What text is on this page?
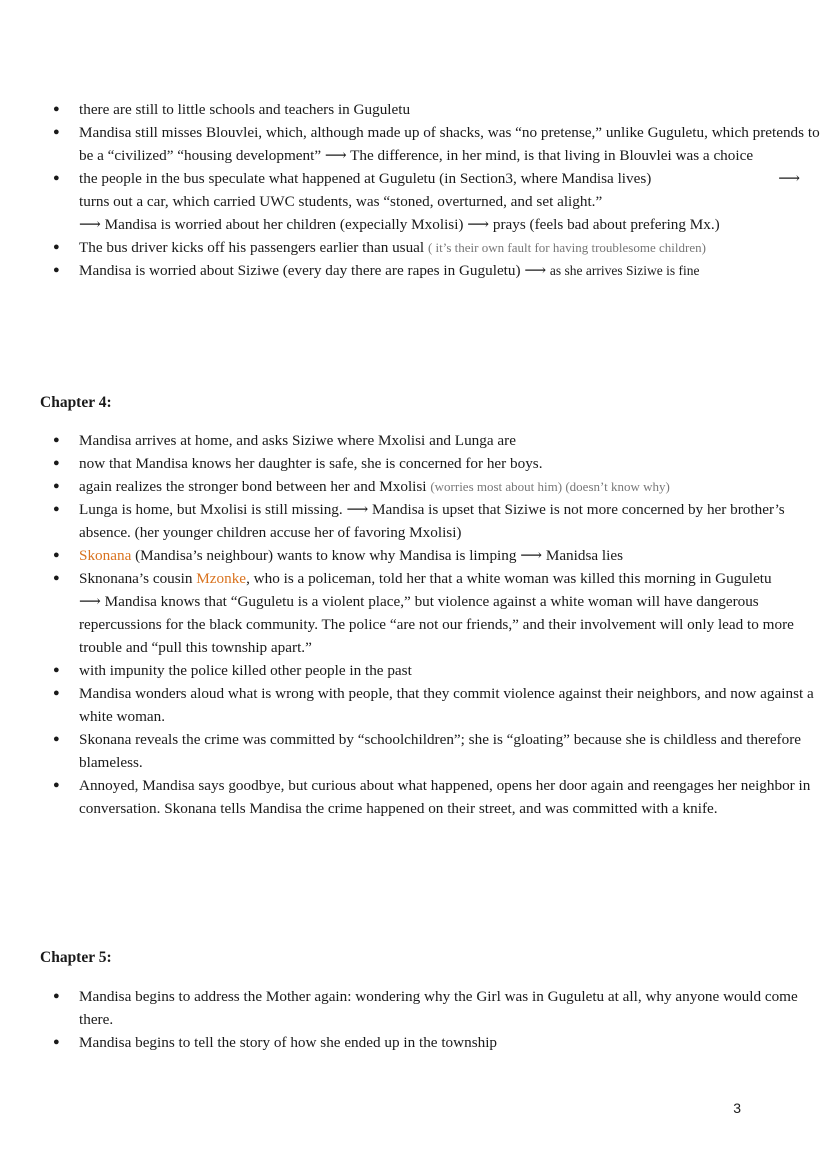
● there are still to little schools and teachers in Guguletu
● Mandisa still misses Blouvlei, which, although made up of shacks, was “no pretense,” unlike Guguletu, which pretends to be a “civilized” “housing development” ⟶ The difference, in her mind, is that living in Blouvlei was a choice
● ⟶
the people in the bus speculate what happened at Guguletu (in Section3, where Mandisa lives)
turns out a car, which carried UWC students, was “stoned, overturned, and set alight.”
⟶ Mandisa is worried about her children (expecially Mxolisi) ⟶ prays (feels bad about prefering Mx.)
● The bus driver kicks off his passengers earlier than usual ( it’s their own fault for having troublesome children)
● Mandisa is worried about Siziwe (every day there are rapes in Guguletu) ⟶ as she arrives Siziwe is fine
Chapter 4:
● Mandisa arrives at home, and asks Siziwe where Mxolisi and Lunga are
● now that Mandisa knows her daughter is safe, she is concerned for her boys.
● again realizes the stronger bond between her and Mxolisi (worries most about him) (doesn’t know why)
● Lunga is home, but Mxolisi is still missing. ⟶ Mandisa is upset that Siziwe is not more concerned by her brother’s absence. (her younger children accuse her of favoring Mxolisi)
● Skonana (Mandisa’s neighbour) wants to know why Mandisa is limping ⟶ Manidsa lies
● Sknonana’s cousin Mzonke, who is a policeman, told her that a white woman was killed this morning in Guguletu
⟶ Mandisa knows that “Guguletu is a violent place,” but violence against a white woman will have dangerous repercussions for the black community. The police “are not our friends,” and their involvement will only lead to more trouble and “pull this township apart.”
● with impunity the police killed other people in the past
● Mandisa wonders aloud what is wrong with people, that they commit violence against their neighbors, and now against a white woman.
● Skonana reveals the crime was committed by “schoolchildren”; she is “gloating” because she is childless and therefore blameless.
● Annoyed, Mandisa says goodbye, but curious about what happened, opens her door again and reengages her neighbor in conversation. Skonana tells Mandisa the crime happened on their street, and was committed with a knife.
Chapter 5:
● Mandisa begins to address the Mother again: wondering why the Girl was in Guguletu at all, why anyone would come there.
● Mandisa begins to tell the story of how she ended up in the township
3
